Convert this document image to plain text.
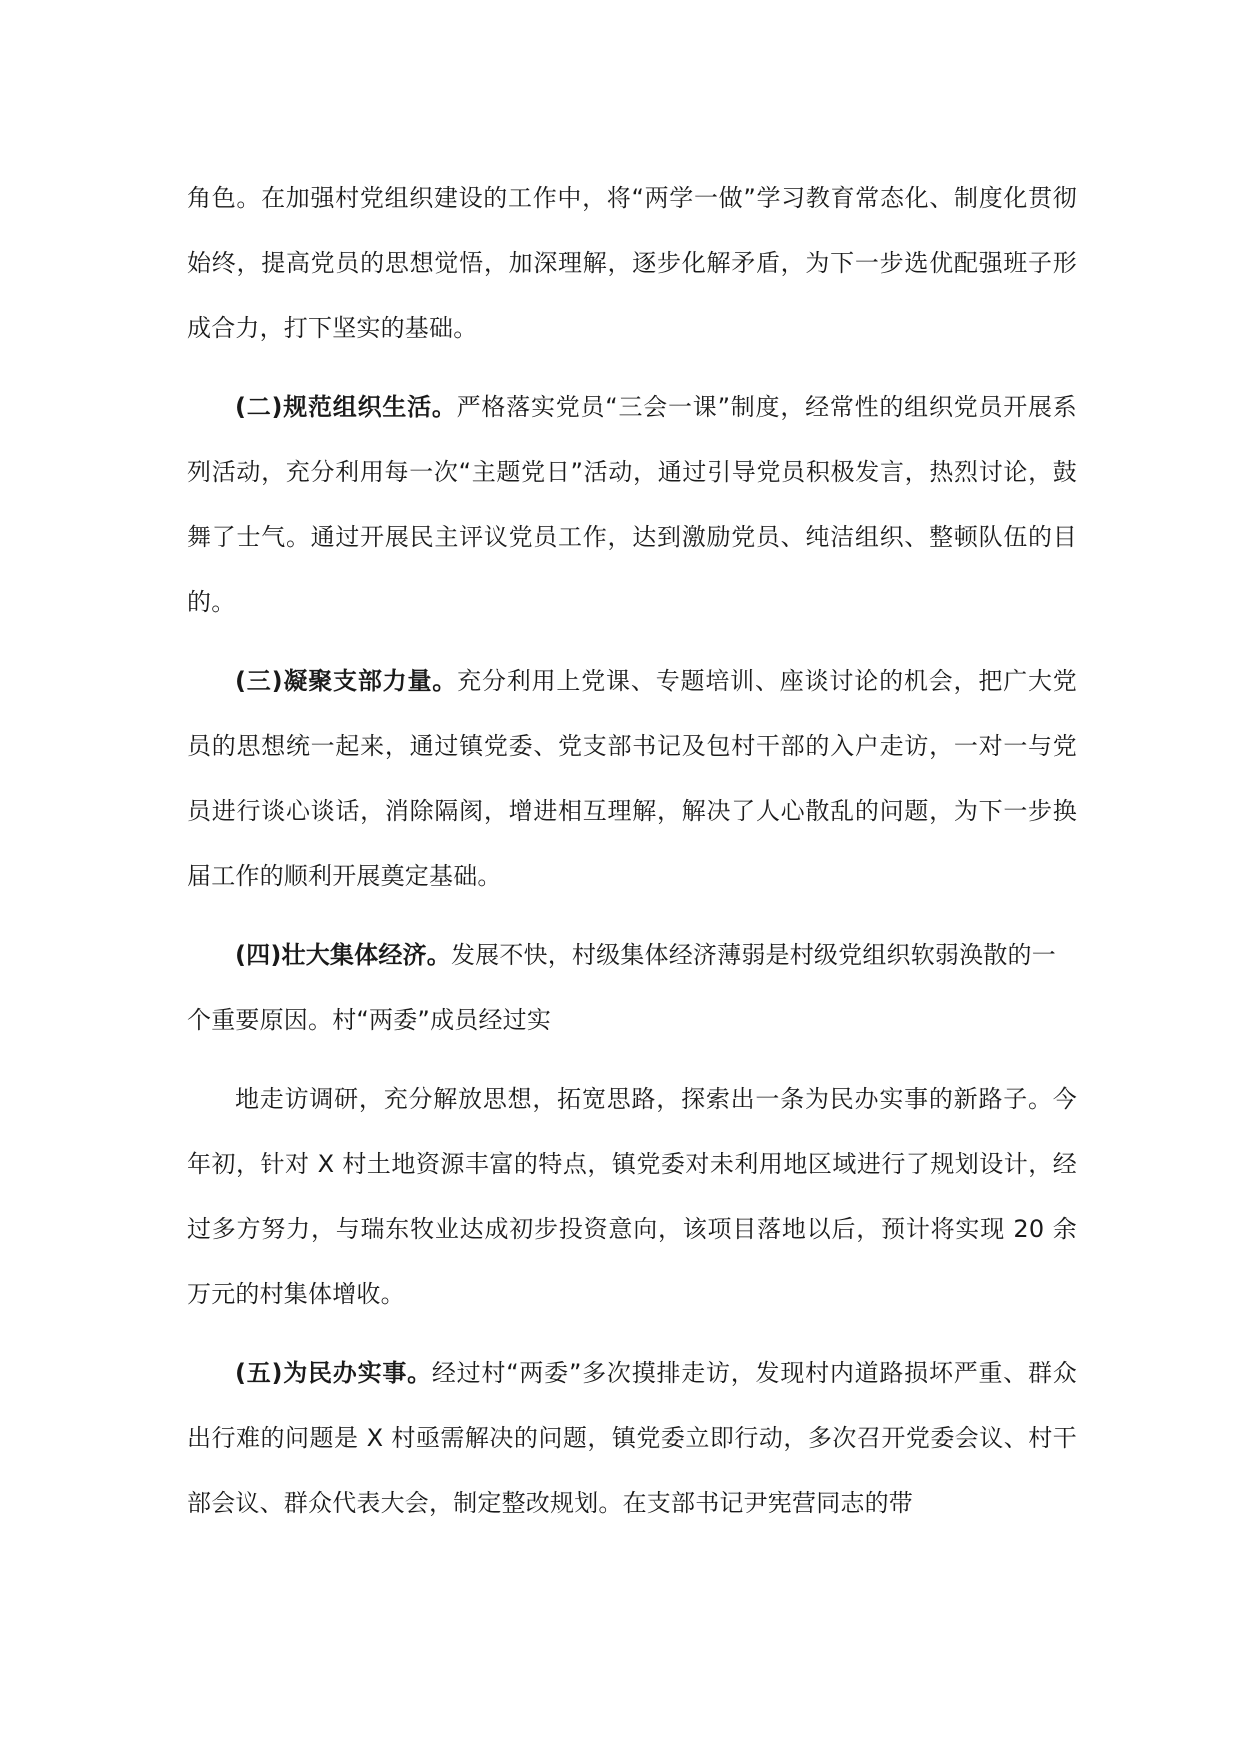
角色。在加强村党组织建设的工作中，将“两学一做”学习教育常态化、制度化贯彻始终，提高党员的思想觉悟，加深理解，逐步化解矛盾，为下一步选优配强班子形成合力，打下坚实的基础。

(二)规范组织生活。严格落实党员“三会一课”制度，经常性的组织党员开展系列活动，充分利用每一次“主题党日”活动，通过引导党员积极发言，热烈讨论，鼓舞了士气。通过开展民主评议党员工作，达到激励党员、纯洁组织、整顿队伍的目的。

(三)凝聚支部力量。充分利用上党课、专题培训、座谈讨论的机会，把广大党员的思想统一起来，通过镇党委、党支部书记及包村干部的入户走访，一对一与党员进行谈心谈话，消除隔阂，增进相互理解，解决了人心散乱的问题，为下一步换届工作的顺利开展奠定基础。

(四)壮大集体经济。发展不快，村级集体经济薄弱是村级党组织软弱涣散的一个重要原因。村“两委”成员经过实

地走访调研，充分解放思想，拓宽思路，探索出一条为民办实事的新路子。今年初，针对 X 村土地资源丰富的特点，镇党委对未利用地区域进行了规划设计，经过多方努力，与瑞东牧业达成初步投资意向，该项目落地以后，预计将实现 20 余万元的村集体增收。

(五)为民办实事。经过村“两委”多次摸排走访，发现村内道路损坏严重、群众出行难的问题是 X 村亟需解决的问题，镇党委立即行动，多次召开党委会议、村干部会议、群众代表大会，制定整改规划。在支部书记尹宪营同志的带
